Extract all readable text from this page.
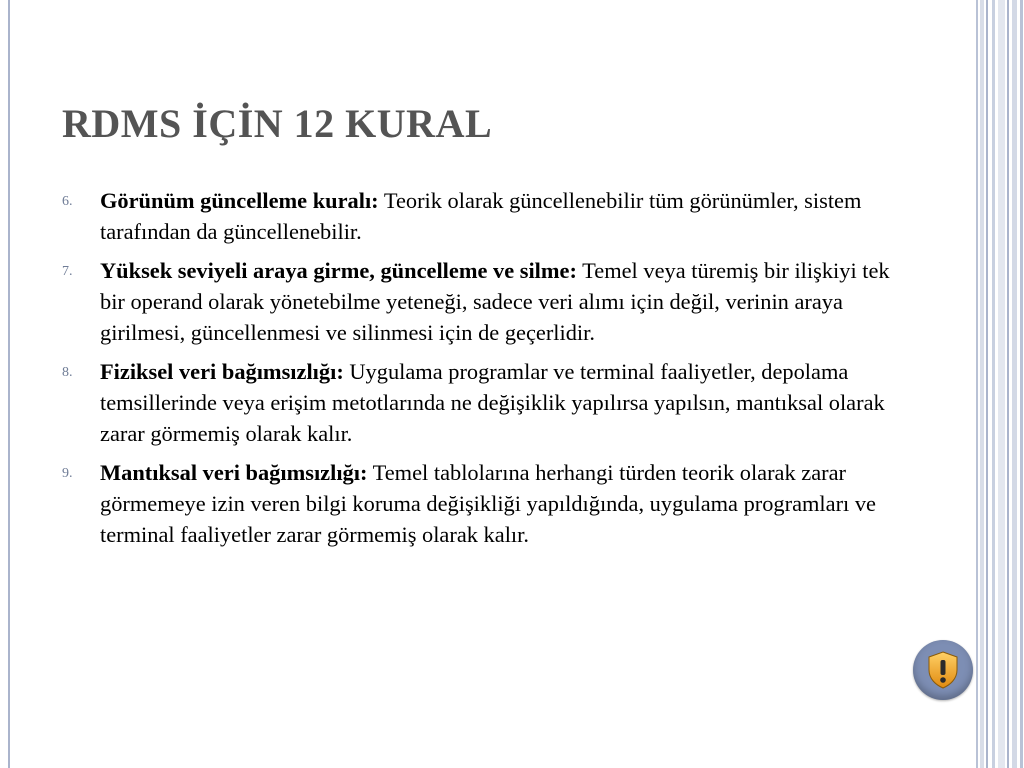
RDMS İÇİN 12 KURAL
6. Görünüm güncelleme kuralı: Teorik olarak güncellenebilir tüm görünümler, sistem tarafından da güncellenebilir.
7. Yüksek seviyeli araya girme, güncelleme ve silme: Temel veya türemiş bir ilişkiyi tek bir operand olarak yönetebilme yeteneği, sadece veri alımı için değil, verinin araya girilmesi, güncellenmesi ve silinmesi için de geçerlidir.
8. Fiziksel veri bağımsızlığı: Uygulama programlar ve terminal faaliyetler, depolama temsillerinde veya erişim metotlarında ne değişiklik yapılırsa yapılsın, mantıksal olarak zarar görmemiş olarak kalır.
9. Mantıksal veri bağımsızlığı: Temel tablolarına herhangi türden teorik olarak zarar görmemeye izin veren bilgi koruma değişikliği yapıldığında, uygulama programları ve terminal faaliyetler zarar görmemiş olarak kalır.
